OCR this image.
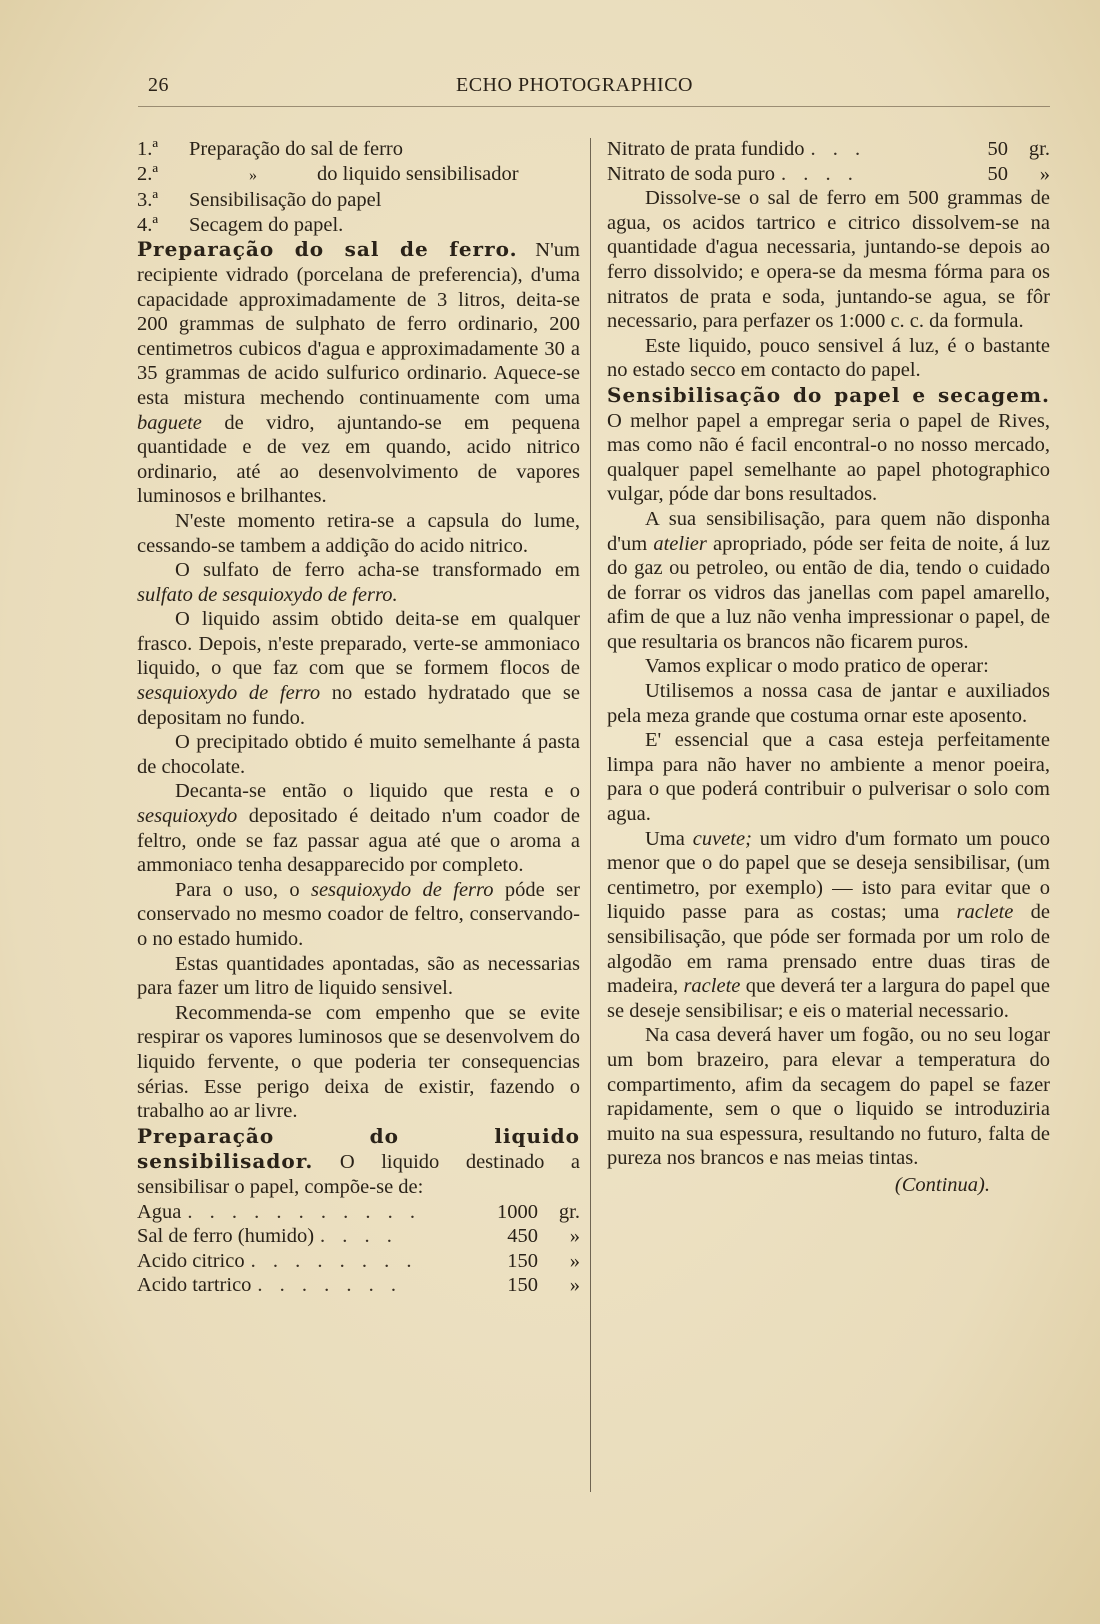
26	ECHO PHOTOGRAPHICO
1.ª Preparação do sal de ferro
2.ª	»	do liquido sensibilisador
3.ª Sensibilisação do papel
4.ª Secagem do papel.

Preparação do sal de ferro. N'um recipiente vidrado (porcelana de preferencia), d'uma capacidade approximadamente de 3 litros, deita-se 200 grammas de sulphato de ferro ordinario, 200 centimetros cubicos d'agua e approximadamente 30 a 35 grammas de acido sulfurico ordinario. Aquece-se esta mistura mechendo continuamente com uma baguete de vidro, ajuntando-se em pequena quantidade e de vez em quando, acido nitrico ordinario, até ao desenvolvimento de vapores luminosos e brilhantes.

N'este momento retira-se a capsula do lume, cessando-se tambem a addição do acido nitrico.

O sulfato de ferro acha-se transformado em sulfato de sesquioxydo de ferro.

O liquido assim obtido deita-se em qualquer frasco. Depois, n'este preparado, verte-se ammoniaco liquido, o que faz com que se formem flocos de sesquioxydo de ferro no estado hydratado que se depositam no fundo.

O precipitado obtido é muito semelhante á pasta de chocolate.

Decanta-se então o liquido que resta e o sesquioxydo depositado é deitado n'um coador de feltro, onde se faz passar agua até que o aroma a ammoniaco tenha desapparecido por completo.

Para o uso, o sesquioxydo de ferro póde ser conservado no mesmo coador de feltro, conservando-o no estado humido.

Estas quantidades apontadas, são as necessarias para fazer um litro de liquido sensivel.

Recommenda-se com empenho que se evite respirar os vapores luminosos que se desenvolvem do liquido fervente, o que poderia ter consequencias sérias. Esse perigo deixa de existir, fazendo o trabalho ao ar livre.

Preparação do liquido sensibilisador. O liquido destinado a sensibilisar o papel, compõe-se de:

Agua . . . . . . . . . . .	1000	gr.
Sal de ferro (humido) . . . .	450	»
Acido citrico . . . . . . . .	150	»
Acido tartrico . . . . . . .	150	»
Nitrato de prata fundido . . .	50	gr.
Nitrato de soda puro . . . .	50	»

Dissolve-se o sal de ferro em 500 grammas de agua, os acidos tartrico e citrico dissolvem-se na quantidade d'agua necessaria, juntando-se depois ao ferro dissolvido; e opera-se da mesma fórma para os nitratos de prata e soda, juntando-se agua, se fôr necessario, para perfazer os 1:000 c. c. da formula.

Este liquido, pouco sensivel á luz, é o bastante no estado secco em contacto do papel.

Sensibilisação do papel e secagem. O melhor papel a empregar seria o papel de Rives, mas como não é facil encontral-o no nosso mercado, qualquer papel semelhante ao papel photographico vulgar, póde dar bons resultados.

A sua sensibilisação, para quem não disponha d'um atelier apropriado, póde ser feita de noite, á luz do gaz ou petroleo, ou então de dia, tendo o cuidado de forrar os vidros das janellas com papel amarello, afim de que a luz não venha impressionar o papel, de que resultaria os brancos não ficarem puros.

Vamos explicar o modo pratico de operar:

Utilisemos a nossa casa de jantar e auxiliados pela meza grande que costuma ornar este aposento.

E' essencial que a casa esteja perfeitamente limpa para não haver no ambiente a menor poeira, para o que poderá contribuir o pulverisar o solo com agua.

Uma cuvete; um vidro d'um formato um pouco menor que o do papel que se deseja sensibilisar, (um centimetro, por exemplo) — isto para evitar que o liquido passe para as costas; uma raclete de sensibilisação, que póde ser formada por um rolo de algodão em rama prensado entre duas tiras de madeira, raclete que deverá ter a largura do papel que se deseje sensibilisar; e eis o material necessario.

Na casa deverá haver um fogão, ou no seu logar um bom brazeiro, para elevar a temperatura do compartimento, afim da secagem do papel se fazer rapidamente, sem o que o liquido se introduziria muito na sua espessura, resultando no futuro, falta de pureza nos brancos e nas meias tintas.

(Continua).
